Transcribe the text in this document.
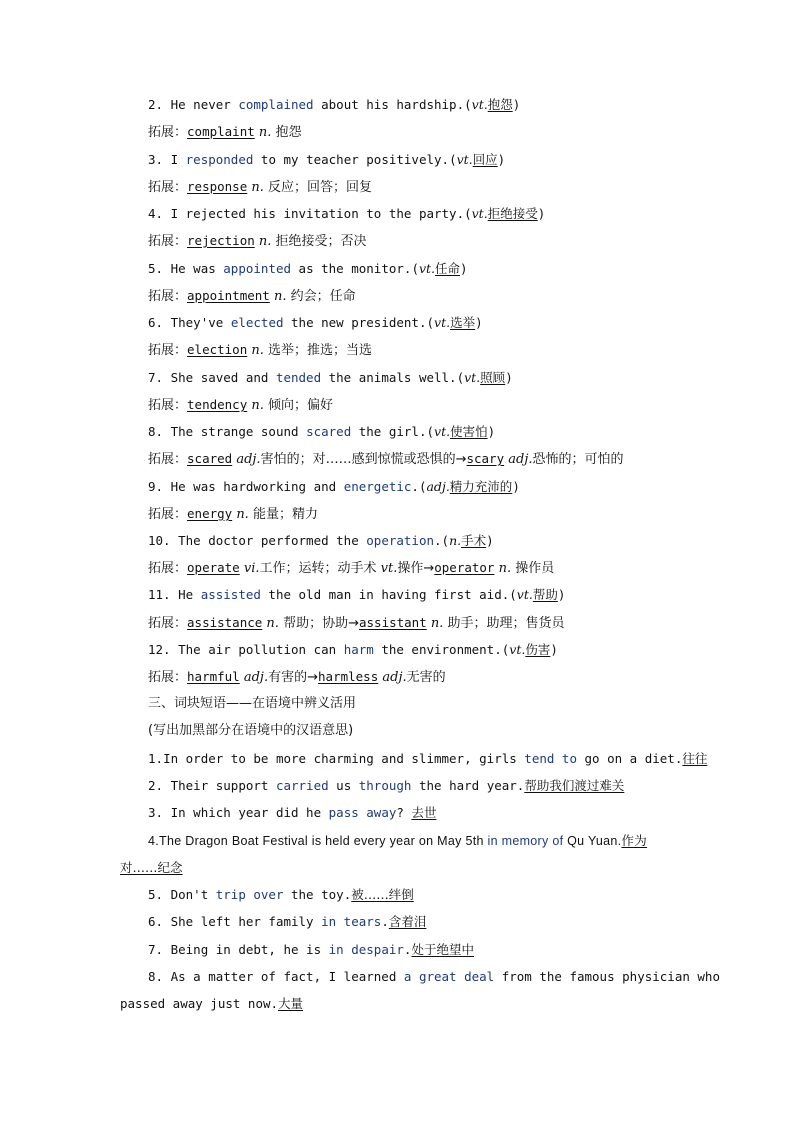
2. He never complained about his hardship.(vt.抱怨)
拓展：complaint n. 抱怨
3. I responded to my teacher positively.(vt.回应)
拓展：response n. 反应；回答；回复
4. I rejected his invitation to the party.(vt.拒绝接受)
拓展：rejection n. 拒绝接受；否决
5. He was appointed as the monitor.(vt.任命)
拓展：appointment n. 约会；任命
6. They've elected the new president.(vt.选举)
拓展：election n. 选举；推选；当选
7. She saved and tended the animals well.(vt.照顾)
拓展：tendency n. 倾向；偏好
8. The strange sound scared the girl.(vt.使害怕)
拓展：scared adj.害怕的；对……感到惊慌或恐惧的→scary adj.恐怖的；可怕的
9. He was hardworking and energetic.(adj.精力充沛的)
拓展：energy n. 能量；精力
10. The doctor performed the operation.(n.手术)
拓展：operate vi.工作；运转；动手术 vt.操作→operator n. 操作员
11. He assisted the old man in having first aid.(vt.帮助)
拓展：assistance n. 帮助；协助→assistant n. 助手；助理；售货员
12. The air pollution can harm the environment.(vt.伤害)
拓展：harmful adj.有害的→harmless adj.无害的
三、词块短语——在语境中辨义活用
(写出加黑部分在语境中的汉语意思)
1.In order to be more charming and slimmer, girls tend to go on a diet.往往
2. Their support carried us through the hard year.帮助我们渡过难关
3. In which year did he pass away? 去世
4.The Dragon Boat Festival is held every year on May 5th in memory of Qu Yuan.作为
对……纪念
5. Don't trip over the toy.被……绊倒
6. She left her family in tears.含着泪
7. Being in debt, he is in despair.处于绝望中
8. As a matter of fact, I learned a great deal from the famous physician who
passed away just now.大量
